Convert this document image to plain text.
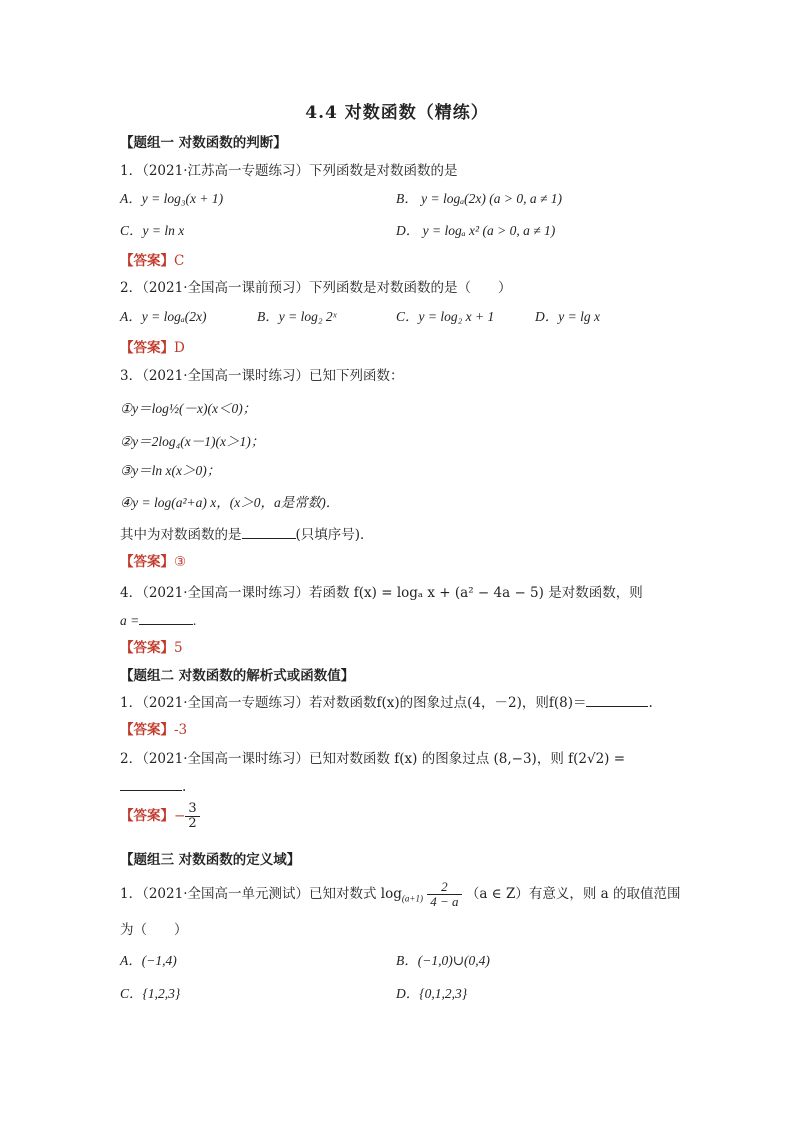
4.4 对数函数（精练）
【题组一 对数函数的判断】
1．（2021·江苏高一专题练习）下列函数是对数函数的是
A．y = log₃(x + 1)	B． y = logₐ(2x) (a > 0, a ≠ 1)
C．y = ln x	D． y = logₐ x² (a > 0, a ≠ 1)
【答案】C
2．（2021·全国高一课前预习）下列函数是对数函数的是（　　）
A．y = logₐ(2x)	B．y = log₂ 2ˣ	C．y = log₂ x + 1	D．y = lg x
【答案】D
3．（2021·全国高一课时练习）已知下列函数：
①y＝log½(－x)(x＜0)；
②y＝2log₄(x－1)(x＞1)；
③y＝ln x(x＞0)；
④y = log(a²+a) x，(x＞0，a是常数)．
其中为对数函数的是	(只填序号)．
【答案】③
4．（2021·全国高一课时练习）若函数 f(x) = logₐ x + (a² − 4a − 5) 是对数函数，则
a =	.
【答案】5
【题组二 对数函数的解析式或函数值】
1．（2021·全国高一专题练习）若对数函数f(x)的图象过点(4，－2)，则f(8)＝	.
【答案】-3
2．（2021·全国高一课时练习）已知对数函数 f(x) 的图象过点 (8,−3)，则 f(2√2) =
.
【答案】− $\frac{3}{2}$
【题组三 对数函数的定义域】
1．（2021·全国高一单元测试）已知对数式 $\log_{(a+1)} \frac{2}{4 - a} (a$ ∈ Z）有意义，则 a 的取值范围
为（　　）
A．(−1,4)	B．(−1,0)∪(0,4)
C．{1,2,3}	D．{0,1,2,3}
